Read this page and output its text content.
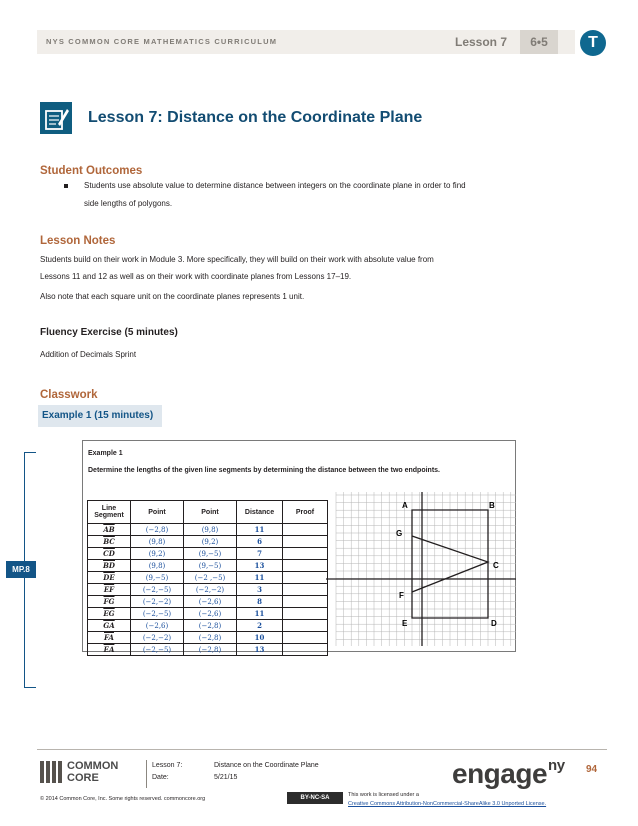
NYS COMMON CORE MATHEMATICS CURRICULUM	Lesson 7	6•5	T
Lesson 7: Distance on the Coordinate Plane
Student Outcomes
Students use absolute value to determine distance between integers on the coordinate plane in order to find
side lengths of polygons.
Lesson Notes
Students build on their work in Module 3. More specifically, they will build on their work with absolute value from
Lessons 11 and 12 as well as on their work with coordinate planes from Lessons 17–19.
Also note that each square unit on the coordinate planes represents 1 unit.
Fluency Exercise (5 minutes)
Addition of Decimals Sprint
Classwork
Example 1 (15 minutes)
MP.8
Example 1
Determine the lengths of the given line segments by determining the distance between the two endpoints.
Line Segment	Point	Point	Distance	Proof
$\overline{AB}$	(−2,8)	(9,8)	11	
$\overline{BC}$	(9,8)	(9,2)	6	
$\overline{CD}$	(9,2)	(9,−5)	7	
$\overline{BD}$	(9,8)	(9,−5)	13	
$\overline{DE}$	(9,−5)	(−2 ,−5)	11	
$\overline{EF}$	(−2,−5)	(−2,−2)	3	
$\overline{FG}$	(−2,−2)	(−2,6)	8	
$\overline{EG}$	(−2,−5)	(−2,6)	11	
$\overline{GA}$	(−2,6)	(−2,8)	2	
$\overline{FA}$	(−2,−2)	(−2,8)	10	
$\overline{EA}$	(−2,−5)	(−2,8)	13	
A	B
C
D
E
F
G
COMMON
CORE
Lesson 7:	Distance on the Coordinate Plane
Date:	5/21/15	engage$^{ny}$ 94
© 2014 Common Core, Inc. Some rights reserved. commoncore.org	BY-NC-SA	This work is licensed under a
Creative Commons Attribution-NonCommercial-ShareAlike 3.0 Unported License.
